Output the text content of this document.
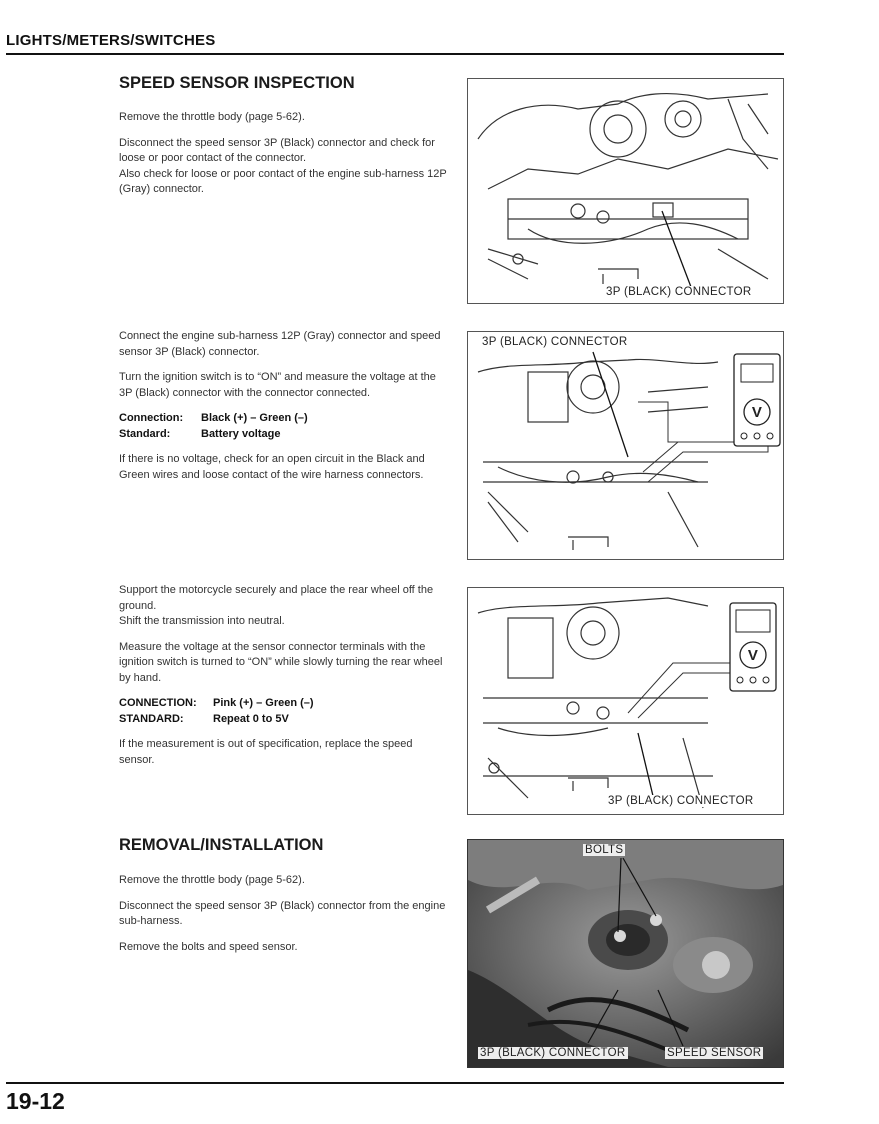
LIGHTS/METERS/SWITCHES
SPEED SENSOR INSPECTION

Remove the throttle body (page 5-62).

Disconnect the speed sensor 3P (Black) connector and check for loose or poor contact of the connector.

Also check for loose or poor contact of the engine sub-harness 12P (Gray) connector.

3P (BLACK) CONNECTOR

Connect the engine sub-harness 12P (Gray) connector and speed sensor 3P (Black) connector.

Turn the ignition switch is to “ON” and measure the voltage at the 3P (Black) connector with the connector connected.

Connection: Black (+) – Green (–)
Standard:	Battery voltage

If there is no voltage, check for an open circuit in the Black and Green wires and loose contact of the wire harness connectors.

V
3P (BLACK) CONNECTOR

Support the motorcycle securely and place the rear wheel off the ground.

Shift the transmission into neutral.

Measure the voltage at the sensor connector terminals with the ignition switch is turned to “ON” while slowly turning the rear wheel by hand.

CONNECTION: Pink (+) – Green (–)
STANDARD:	Repeat 0 to 5V

If the measurement is out of specification, replace the speed sensor.

V
3P (BLACK) CONNECTOR
REMOVAL/INSTALLATION

Remove the throttle body (page 5-62).

Disconnect the speed sensor 3P (Black) connector from the engine sub-harness.

Remove the bolts and speed sensor.

BOLTS
3P (BLACK) CONNECTOR	SPEED SENSOR
19-12
